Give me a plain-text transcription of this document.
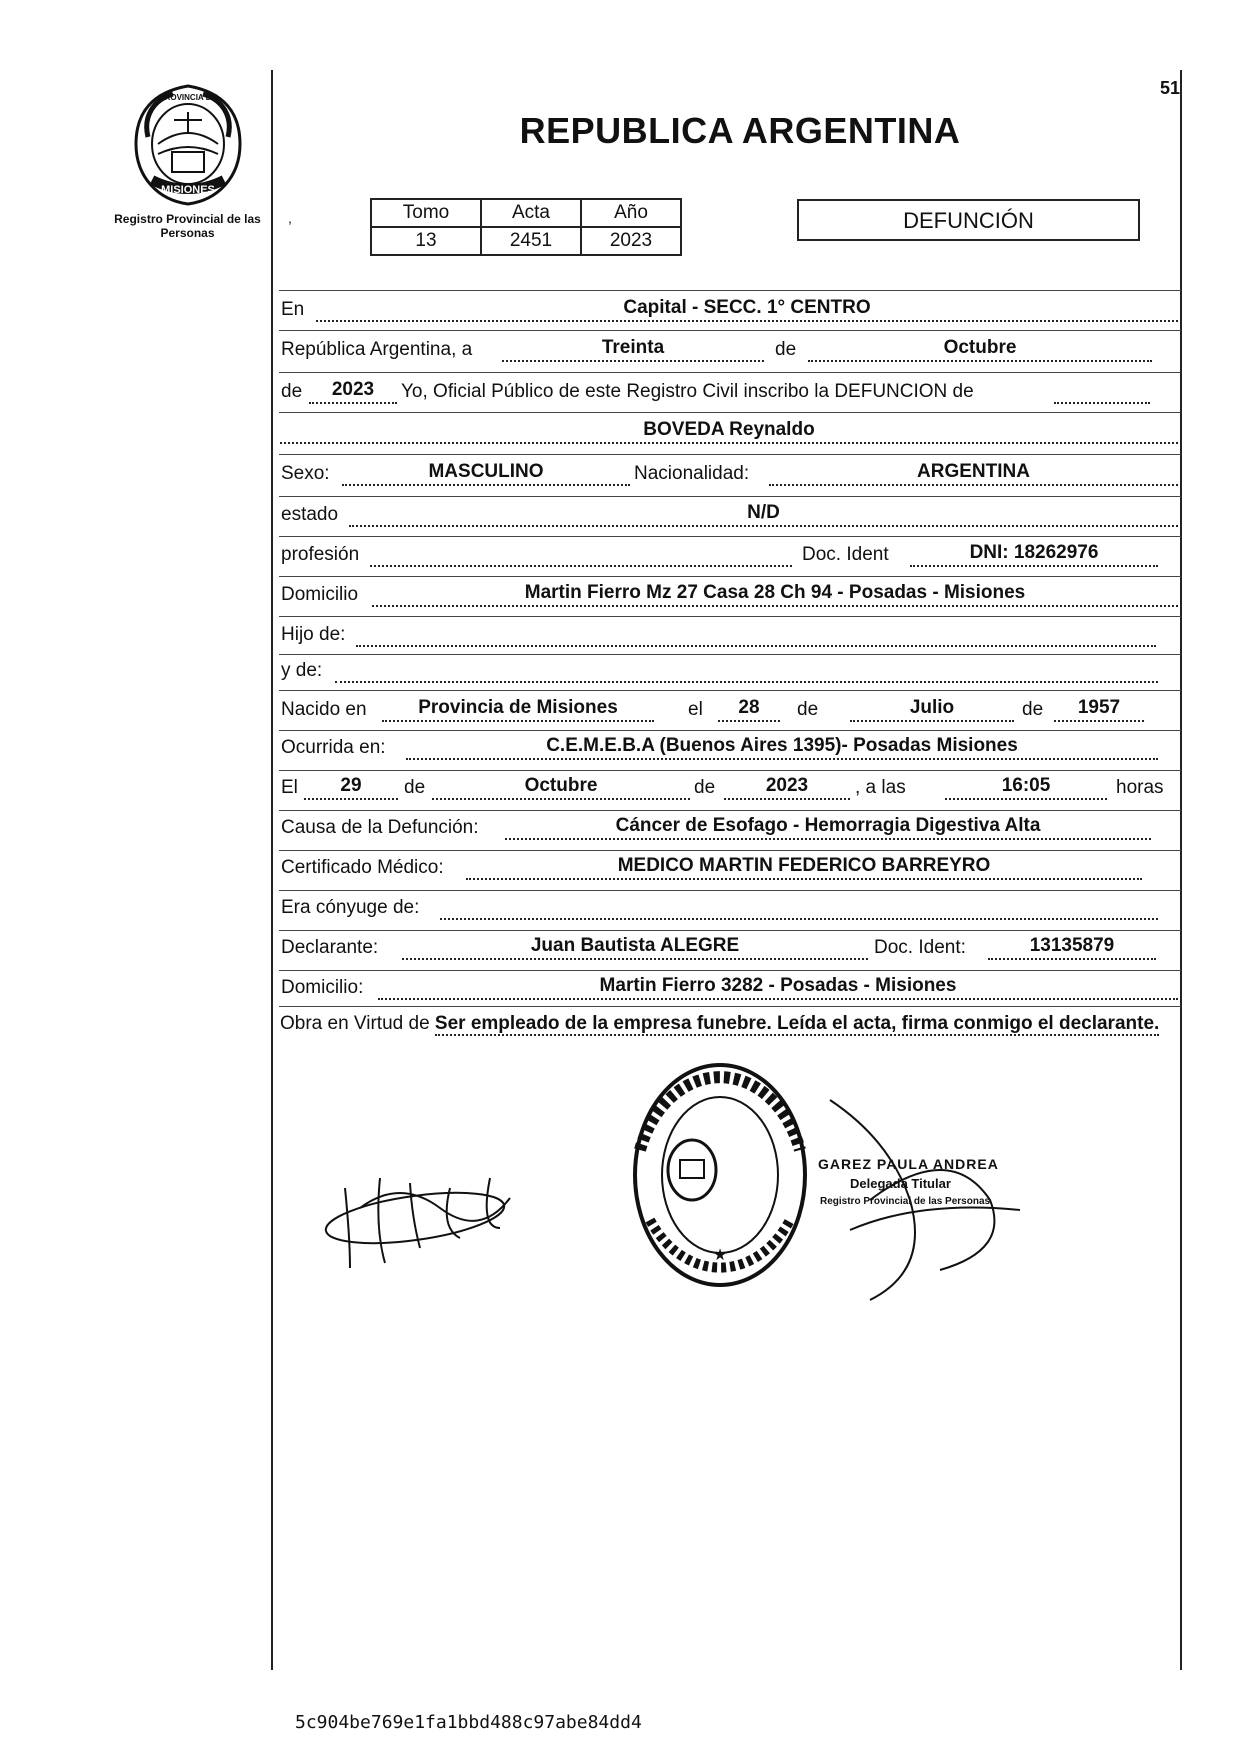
MISIONES
PROVINCIA DE
Registro Provincial de las Personas
51
REPUBLICA ARGENTINA
,	Tomo	Acta	Año
13	2451	2023
DEFUNCIÓN
En	Capital - SECC. 1° CENTRO
República Argentina, a	Treinta	de	Octubre
de	2023	Yo, Oficial Público de este Registro Civil inscribo la DEFUNCION de
BOVEDA Reynaldo
Sexo:	MASCULINO	Nacionalidad:	ARGENTINA
estado	N/D
profesión	Doc. Ident	DNI: 18262976
Domicilio	Martin Fierro Mz 27 Casa 28 Ch 94 - Posadas - Misiones
Hijo de:
y de:
Nacido en	Provincia de Misiones	el	28	de	Julio	de	1957
Ocurrida en:	C.E.M.E.B.A (Buenos Aires 1395)- Posadas Misiones
El	29	de	Octubre	de	2023	, a las	16:05	horas
Causa de la Defunción:	Cáncer de Esofago - Hemorragia Digestiva Alta
Certificado Médico:	MEDICO MARTIN FEDERICO BARREYRO
Era cónyuge de:
Declarante:	Juan Bautista ALEGRE	Doc. Ident:	13135879
Domicilio:	Martin Fierro 3282 - Posadas - Misiones
Obra en Virtud de Ser empleado de la empresa funebre. Leída el acta, firma conmigo el declarante.
★
GAREZ PAULA ANDREA
Delegada Titular
Registro Provincial de las Personas
5c904be769e1fa1bbd488c97abe84dd4
